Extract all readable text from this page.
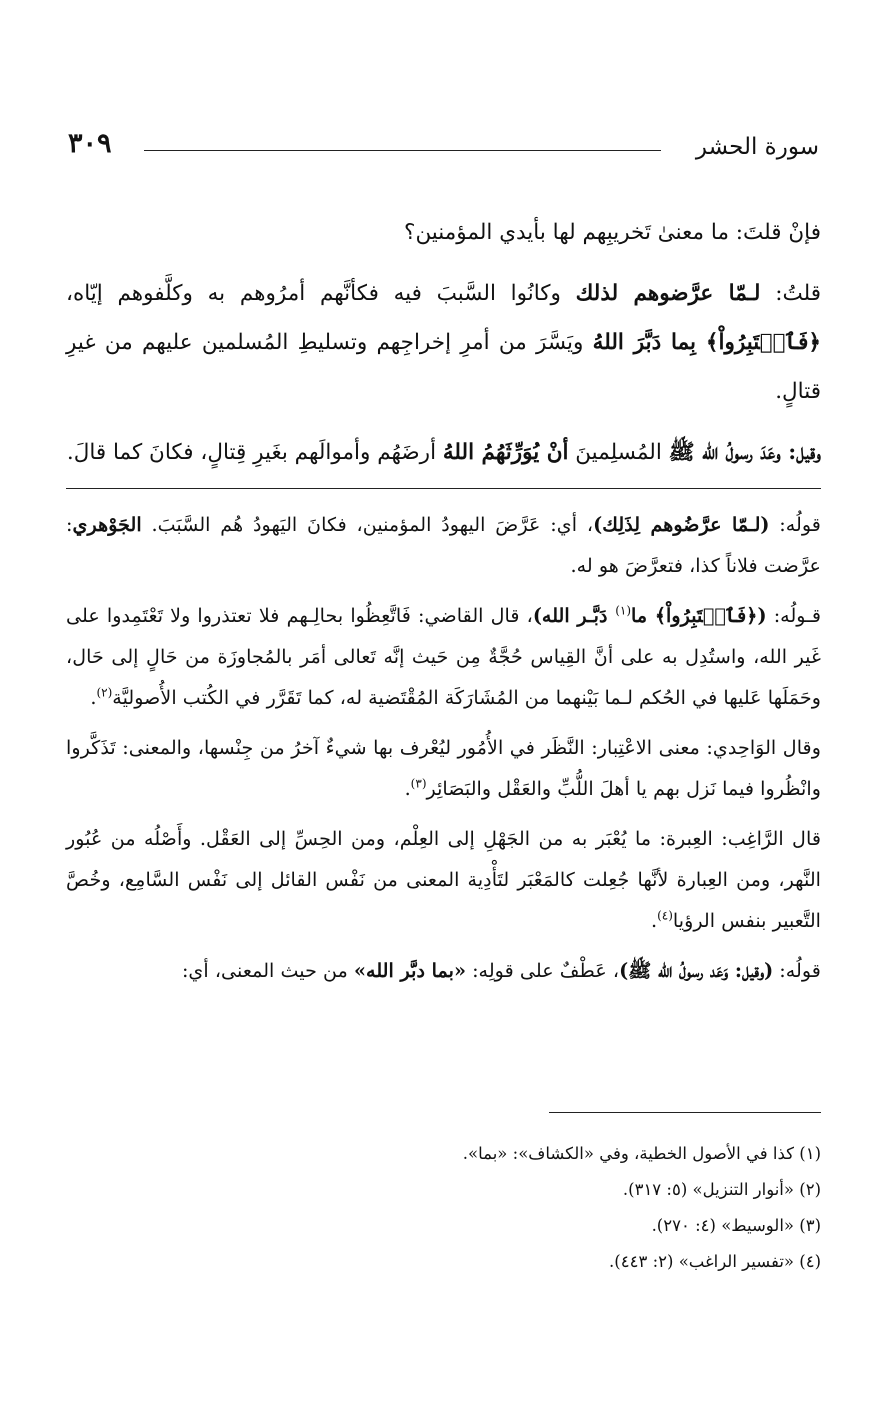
سورة الحشر
٣٠٩

فإنْ قلتَ: ما معنىٰ تَخريبِهم لها بأيدي المؤمنين؟

قلتُ: لـمّا عرَّضوهم لذلك وكانُوا السَّببَ فيه فكأنَّهم أمرُوهم به وكلَّفوهم إيّاه، ﴿فَٱعۡتَبِرُواْ﴾ بِما دَبَّرَ اللهُ ويَسَّرَ من أمرِ إخراجِهم وتسليطِ المُسلمين عليهم من غيرِ قتالٍ.

وقيل: وعَدَ رسولُ الله ﷺ المُسلِمينَ أنْ يُوَرِّثَهُمُ اللهُ أرضَهُم وأموالَهم بغَيرِ قِتالٍ، فكانَ كما قالَ.

قولُه: (لـمّا عرَّضُوهم لِذَلِك)، أي: عَرَّضَ اليهودُ المؤمنين، فكانَ اليَهودُ هُم السَّبَبَ. الجَوْهري: عرَّضت فلاناً كذا، فتعرَّضَ هو له.

قـولُه: (﴿فَٱعۡتَبِرُواْ﴾ ما$^{(١)}$ دَبَّـر الله)، قال القاضي: فَاتَّعِظُوا بحالِـهم فلا تعتذروا ولا تَعْتَمِدوا على غَير الله، واستُدِل به على أنَّ القِياس حُجَّةٌ مِن حَيث إنَّه تَعالى أمَر بالمُجاوزَة من حَالٍ إلى حَال، وحَمَلَها عَليها في الحُكم لـما بَيْنهما من المُشَارَكَة المُقْتَضية له، كما تَقَرَّر في الكُتب الأُصوليَّة$^{(٢)}$.

وقال الوَاحِدي: معنى الاعْتِبار: النَّظَر في الأُمُور ليُعْرف بها شيءٌ آخرُ من جِنْسها، والمعنى: تَذَكَّروا وانْظُروا فيما نَزل بهم يا أهلَ اللُّبِّ والعَقْل والبَصَائِر$^{(٣)}$.

قال الرَّاغِب: العِبرة: ما يُعْبَر به من الجَهْلِ إلى العِلْم، ومن الحِسِّ إلى العَقْل. وأَصْلُه من عُبُور النَّهر، ومن العِبارة لأنَّها جُعِلت كالمَعْبَر لتَأْدِية المعنى من نَفْس القائل إلى نَفْس السَّامِع، وخُصَّ التَّعبير بنفس الرؤيا$^{(٤)}$.

قولُه: (وقيل: وَعَد رسولُ الله ﷺ)، عَطْفٌ على قولِه: «بما دبَّر الله» من حيث المعنى، أي:

(١) كذا في الأصول الخطية، وفي «الكشاف»: «بما».

(٢) «أنوار التنزيل» (٥: ٣١٧).

(٣) «الوسيط» (٤: ٢٧٠).

(٤) «تفسير الراغب» (٢: ٤٤٣).
